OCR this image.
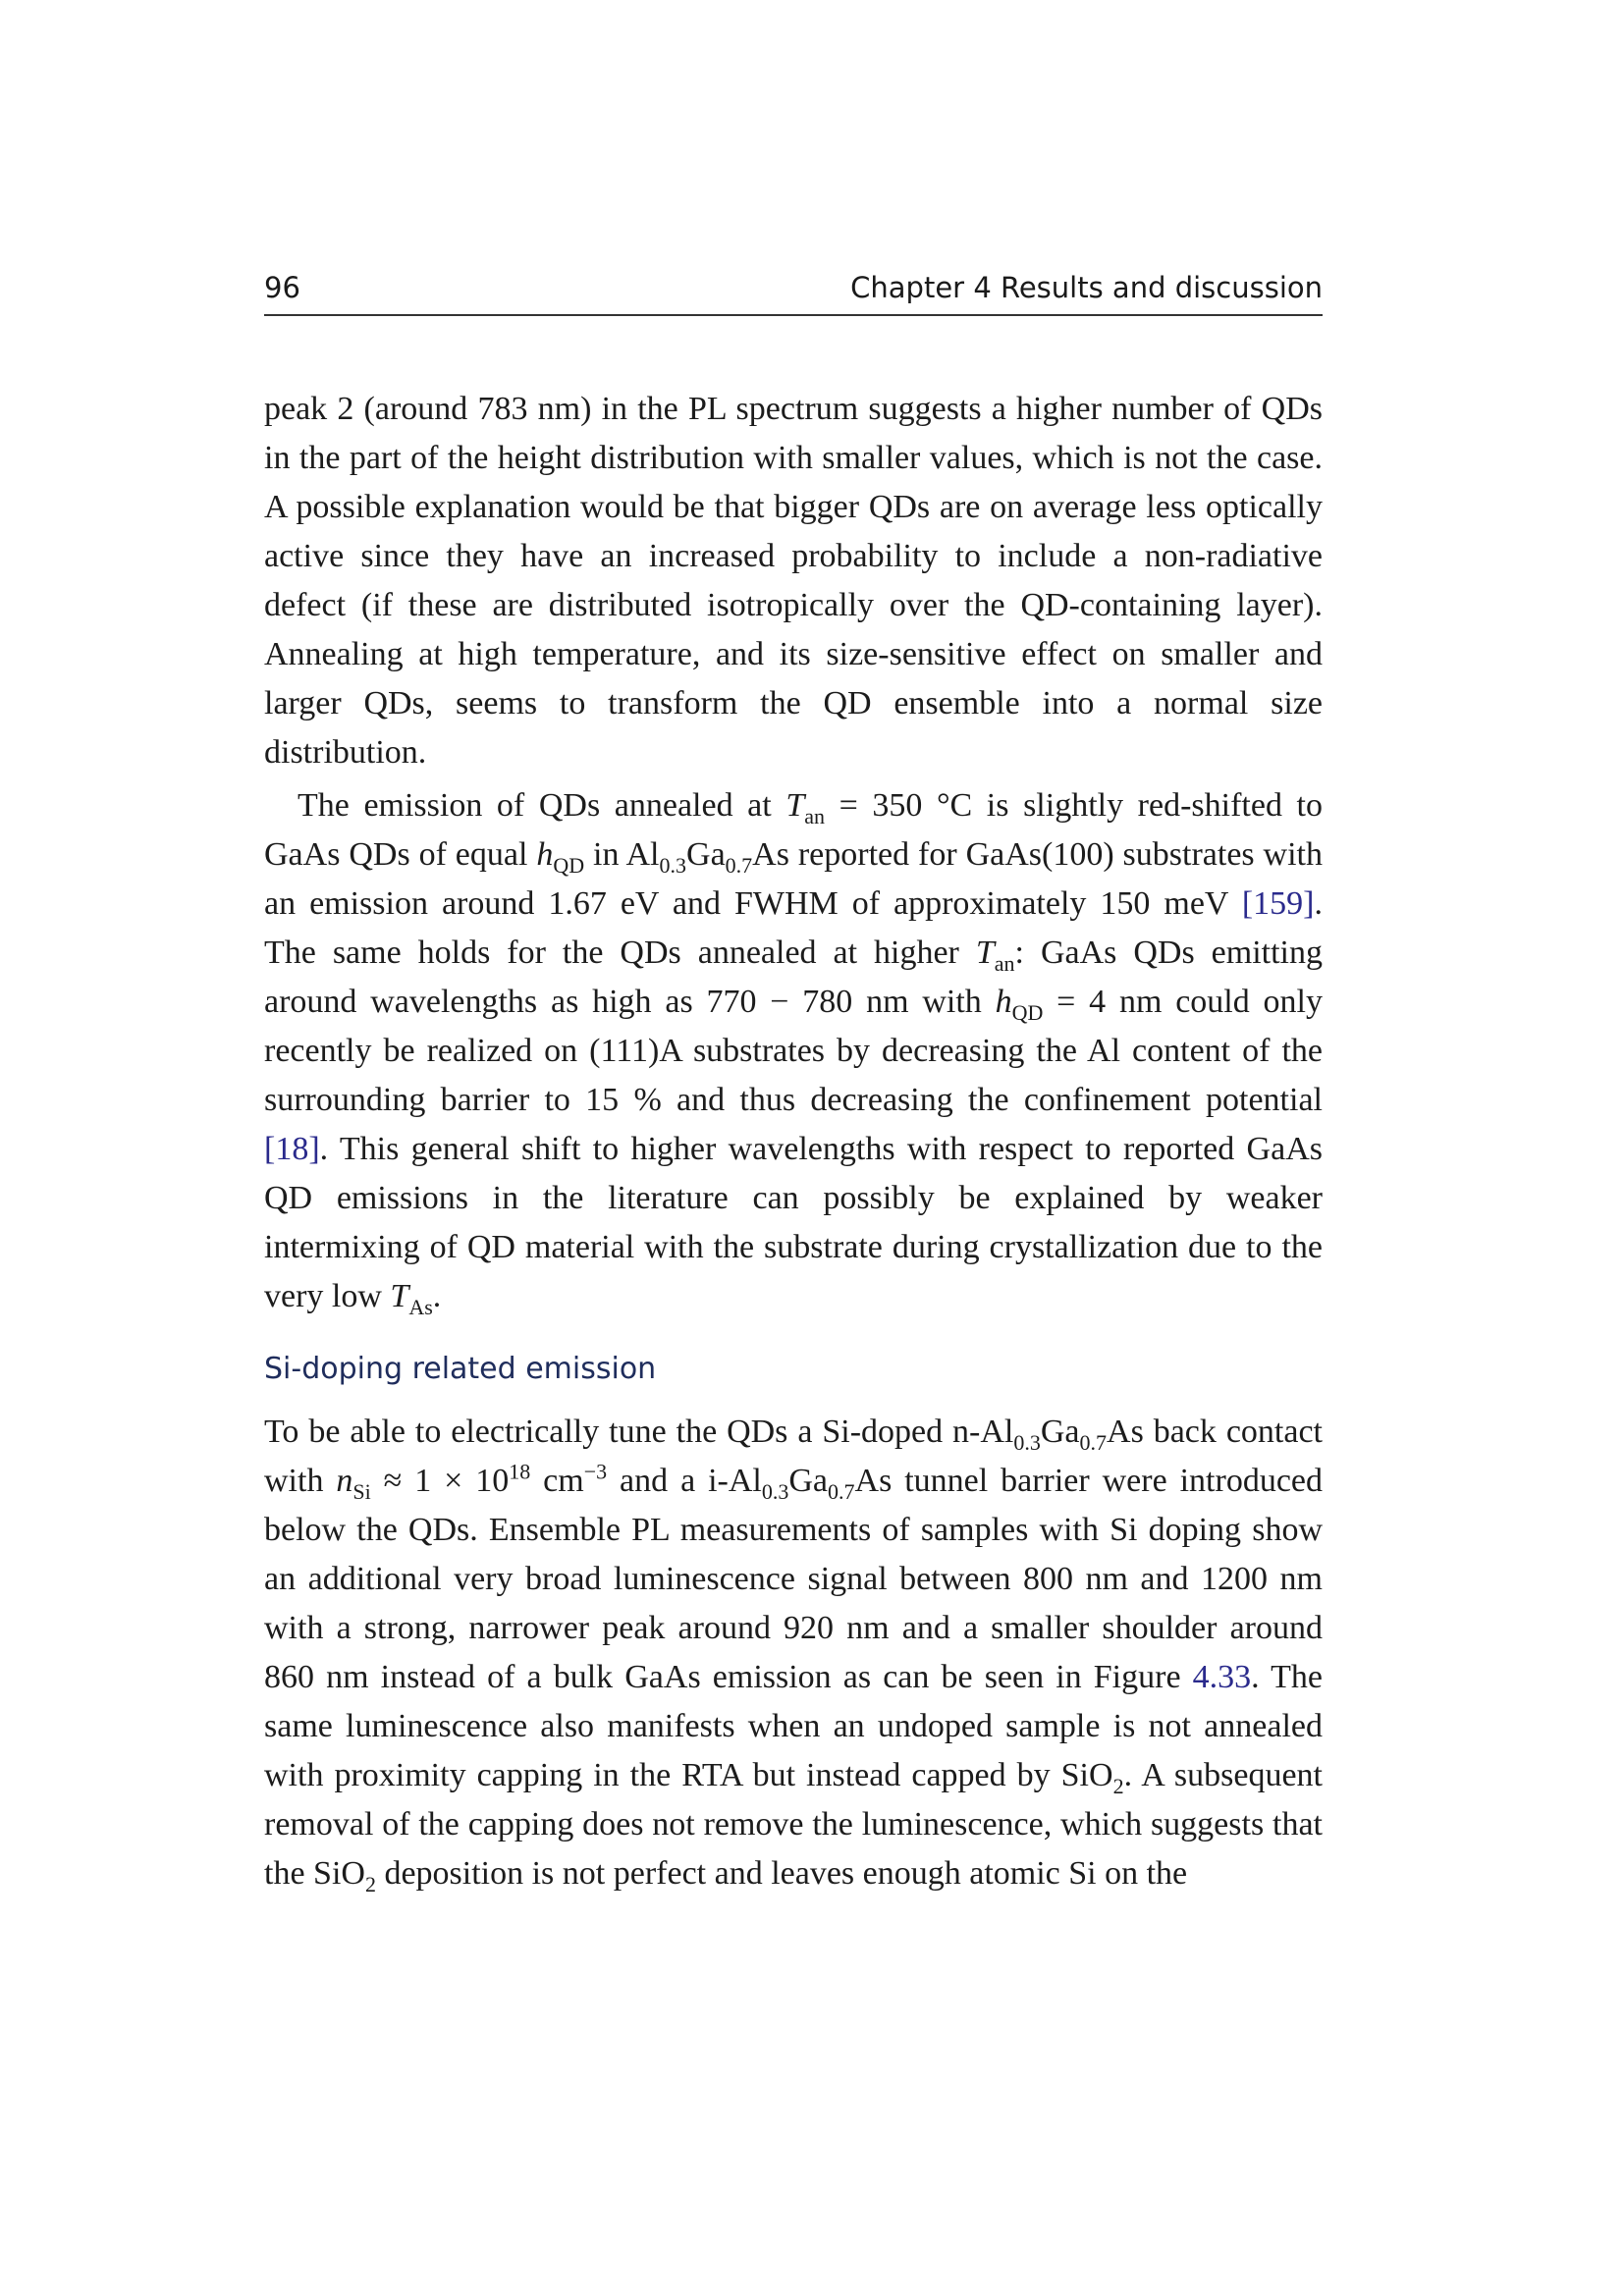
96	Chapter 4 Results and discussion

peak 2 (around 783 nm) in the PL spectrum suggests a higher number of QDs in the part of the height distribution with smaller values, which is not the case. A possible explanation would be that bigger QDs are on average less optically active since they have an increased probability to include a non-radiative defect (if these are distributed isotropically over the QD-containing layer). Annealing at high temperature, and its size-sensitive effect on smaller and larger QDs, seems to transform the QD ensemble into a normal size distribution.

The emission of QDs annealed at $T_{an} = 350$ °C is slightly red-shifted to GaAs QDs of equal $h_{QD}$ in $Al_{0.3}Ga_{0.7}As$ reported for GaAs(100) substrates with an emission around 1.67 eV and FWHM of approximately 150 meV [159]. The same holds for the QDs annealed at higher $T_{an}$: GaAs QDs emitting around wavelengths as high as 770 − 780 nm with $h_{QD} = 4$ nm could only recently be realized on (111)A substrates by decreasing the Al content of the surrounding barrier to 15 % and thus decreasing the confinement potential [18]. This general shift to higher wavelengths with respect to reported GaAs QD emissions in the literature can possibly be explained by weaker intermixing of QD material with the substrate during crystallization due to the very low $T_{As}$.

Si-doping related emission

To be able to electrically tune the QDs a Si-doped $n-Al_{0.3}Ga_{0.7}As$ back contact with $n_{Si} \approx 1 \times 10^{18}$ $cm^{-3}$ and a $i-Al_{0.3}Ga_{0.7}As$ tunnel barrier were introduced below the QDs. Ensemble PL measurements of samples with Si doping show an additional very broad luminescence signal between 800 nm and 1200 nm with a strong, narrower peak around 920 nm and a smaller shoulder around 860 nm instead of a bulk GaAs emission as can be seen in Figure 4.33. The same luminescence also manifests when an undoped sample is not annealed with proximity capping in the RTA but instead capped by SiO$_2$. A subsequent removal of the capping does not remove the luminescence, which suggests that the SiO$_2$ deposition is not perfect and leaves enough atomic Si on the
